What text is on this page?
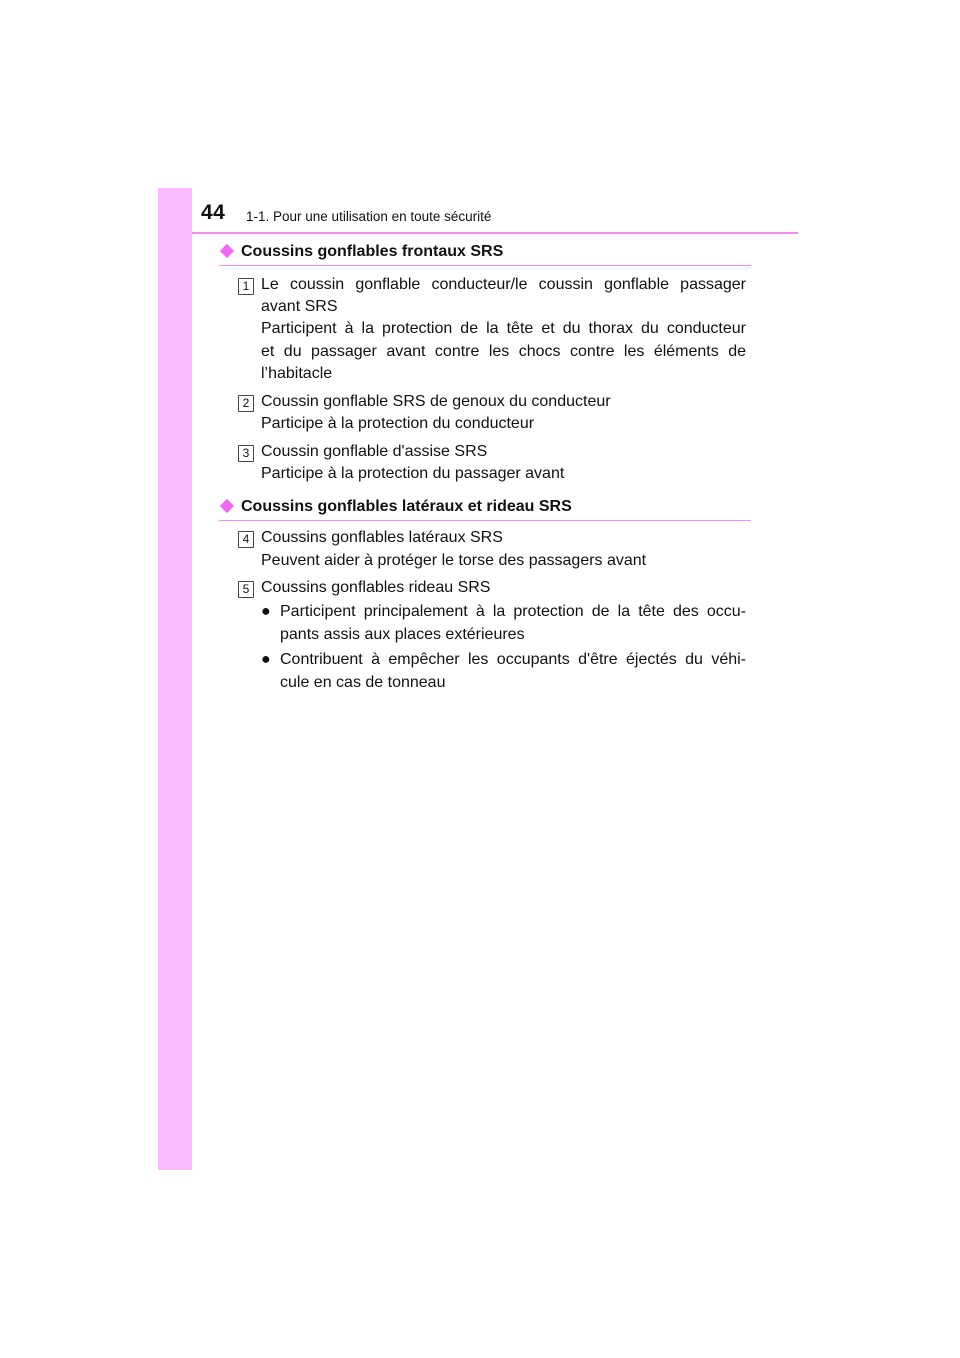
44 1-1. Pour une utilisation en toute sécurité
Coussins gonflables frontaux SRS
1 Le coussin gonflable conducteur/le coussin gonflable passager
avant SRS
Participent à la protection de la tête et du thorax du conducteur
et du passager avant contre les chocs contre les éléments de
l’habitacle
2 Coussin gonflable SRS de genoux du conducteur
Participe à la protection du conducteur
3 Coussin gonflable d'assise SRS
Participe à la protection du passager avant
Coussins gonflables latéraux et rideau SRS
4 Coussins gonflables latéraux SRS
Peuvent aider à protéger le torse des passagers avant
5 Coussins gonflables rideau SRS
● Participent principalement à la protection de la tête des occu-
pants assis aux places extérieures
● Contribuent à empêcher les occupants d'être éjectés du véhi-
cule en cas de tonneau
